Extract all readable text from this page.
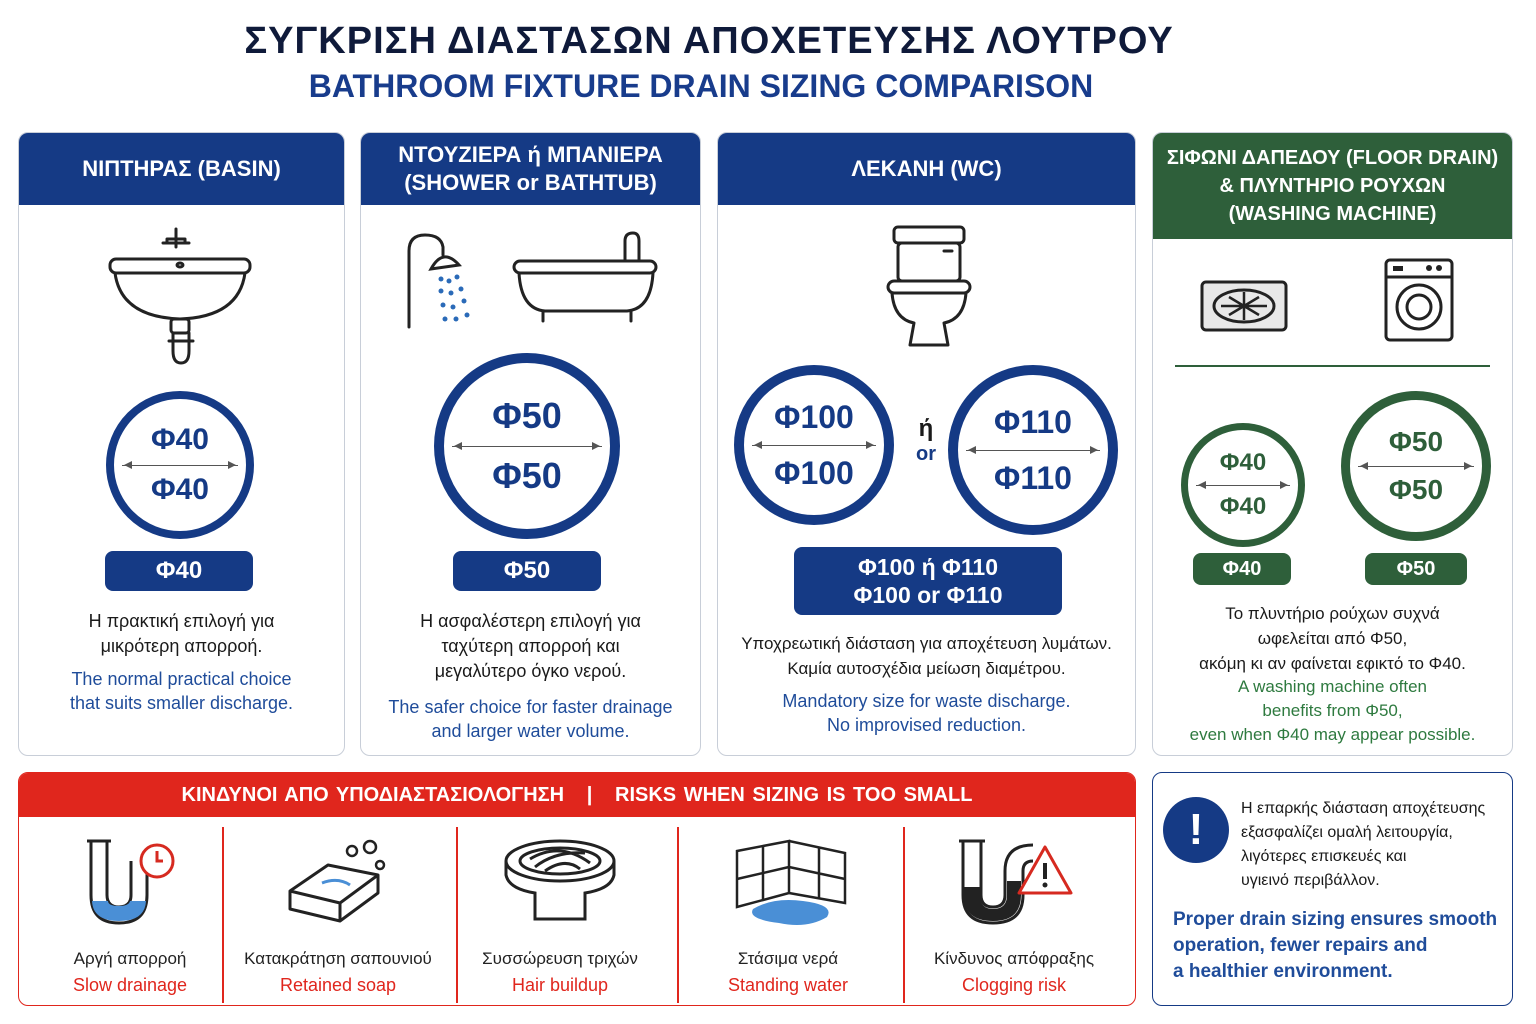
ΣΥΓΚΡΙΣΗ ΔΙΑΣΤΑΣΩΝ ΑΠΟΧΕΤΕΥΣΗΣ ΛΟΥΤΡΟΥ
BATHROOM FIXTURE DRAIN SIZING COMPARISON
ΝΙΠΤΗΡΑΣ (BASIN)
Φ40
Φ40
Φ40
Η πρακτική επιλογή για
μικρότερη απορροή.
The normal practical choice
that suits smaller discharge.
ΝΤΟΥΖΙΕΡΑ ή ΜΠΑΝΙΕΡΑ
(SHOWER or BATHTUB)
Φ50
Φ50
Φ50
Η ασφαλέστερη επιλογή για
ταχύτερη απορροή και
μεγαλύτερο όγκο νερού.
The safer choice for faster drainage
and larger water volume.
ΛΕΚΑΝΗ (WC)
Φ100
Φ100
ή
or
Φ110
Φ110
Φ100 ή Φ110
Φ100 or Φ110
Υποχρεωτική διάσταση για αποχέτευση λυμάτων.
Καμία αυτοσχέδια μείωση διαμέτρου.
Mandatory size for waste discharge.
No improvised reduction.
ΣΙΦΩΝΙ ΔΑΠΕΔΟΥ (FLOOR DRAIN)
& ΠΛΥΝΤΗΡΙΟ ΡΟΥΧΩΝ
(WASHING MACHINE)
Φ40
Φ40
Φ50
Φ50
Φ40	Φ50
Το πλυντήριο ρούχων συχνά
ωφελείται από Φ50,
ακόμη κι αν φαίνεται εφικτό το Φ40.
A washing machine often
benefits from Φ50,
even when Φ40 may appear possible.
ΚΙΝΔΥΝΟΙ ΑΠΟ ΥΠΟΔΙΑΣΤΑΣΙΟΛΟΓΗΣΗ   |   RISKS WHEN SIZING IS TOO SMALL
Αργή απορροή
Slow drainage
Κατακράτηση σαπουνιού
Retained soap
Συσσώρευση τριχών
Hair buildup
Στάσιμα νερά
Standing water
Κίνδυνος απόφραξης
Clogging risk
!	Η επαρκής διάσταση αποχέτευσης
εξασφαλίζει ομαλή λειτουργία,
λιγότερες επισκευές και
υγιεινό περιβάλλον.
Proper drain sizing ensures smooth
operation, fewer repairs and
a healthier environment.
